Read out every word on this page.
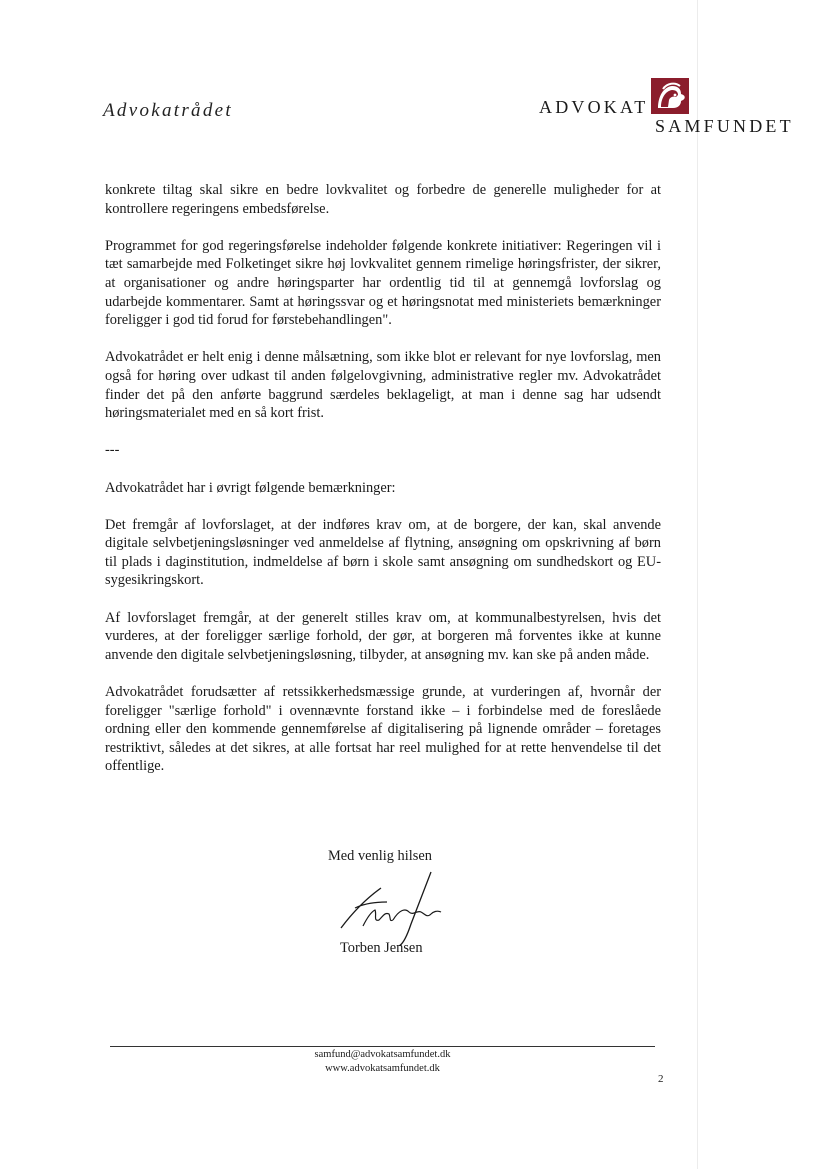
Advokatrådet	ADVOKAT
SAMFUNDET

konkrete tiltag skal sikre en bedre lovkvalitet og forbedre de generelle muligheder for at kontrollere regeringens embedsførelse.

Programmet for god regeringsførelse indeholder følgende konkrete initiativer: Regeringen vil i tæt samarbejde med Folketinget sikre høj lovkvalitet gennem rimelige høringsfrister, der sikrer, at organisationer og andre høringsparter har ordentlig tid til at gennemgå lovforslag og udarbejde kommentarer. Samt at høringssvar og et høringsnotat med ministeriets bemærkninger foreligger i god tid forud for førstebehandlingen".

Advokatrådet er helt enig i denne målsætning, som ikke blot er relevant for nye lovforslag, men også for høring over udkast til anden følgelovgivning, administrative regler mv. Advokatrådet finder det på den anførte baggrund særdeles beklageligt, at man i denne sag har udsendt høringsmaterialet med en så kort frist.

---

Advokatrådet har i øvrigt følgende bemærkninger:

Det fremgår af lovforslaget, at der indføres krav om, at de borgere, der kan, skal anvende digitale selvbetjeningsløsninger ved anmeldelse af flytning, ansøgning om opskrivning af børn til plads i daginstitution, indmeldelse af børn i skole samt ansøgning om sundhedskort og EU-sygesikringskort.

Af lovforslaget fremgår, at der generelt stilles krav om, at kommunalbestyrelsen, hvis det vurderes, at der foreligger særlige forhold, der gør, at borgeren må forventes ikke at kunne anvende den digitale selvbetjeningsløsning, tilbyder, at ansøgning mv. kan ske på anden måde.

Advokatrådet forudsætter af retssikkerhedsmæssige grunde, at vurderingen af, hvornår der foreligger "særlige forhold" i ovennævnte forstand ikke – i forbindelse med de foreslåede ordning eller den kommende gennemførelse af digitalisering på lignende områder – foretages restriktivt, således at det sikres, at alle fortsat har reel mulighed for at rette henvendelse til det offentlige.

Med venlig hilsen
Torben Jensen
samfund@advokatsamfundet.dk
www.advokatsamfundet.dk
2
